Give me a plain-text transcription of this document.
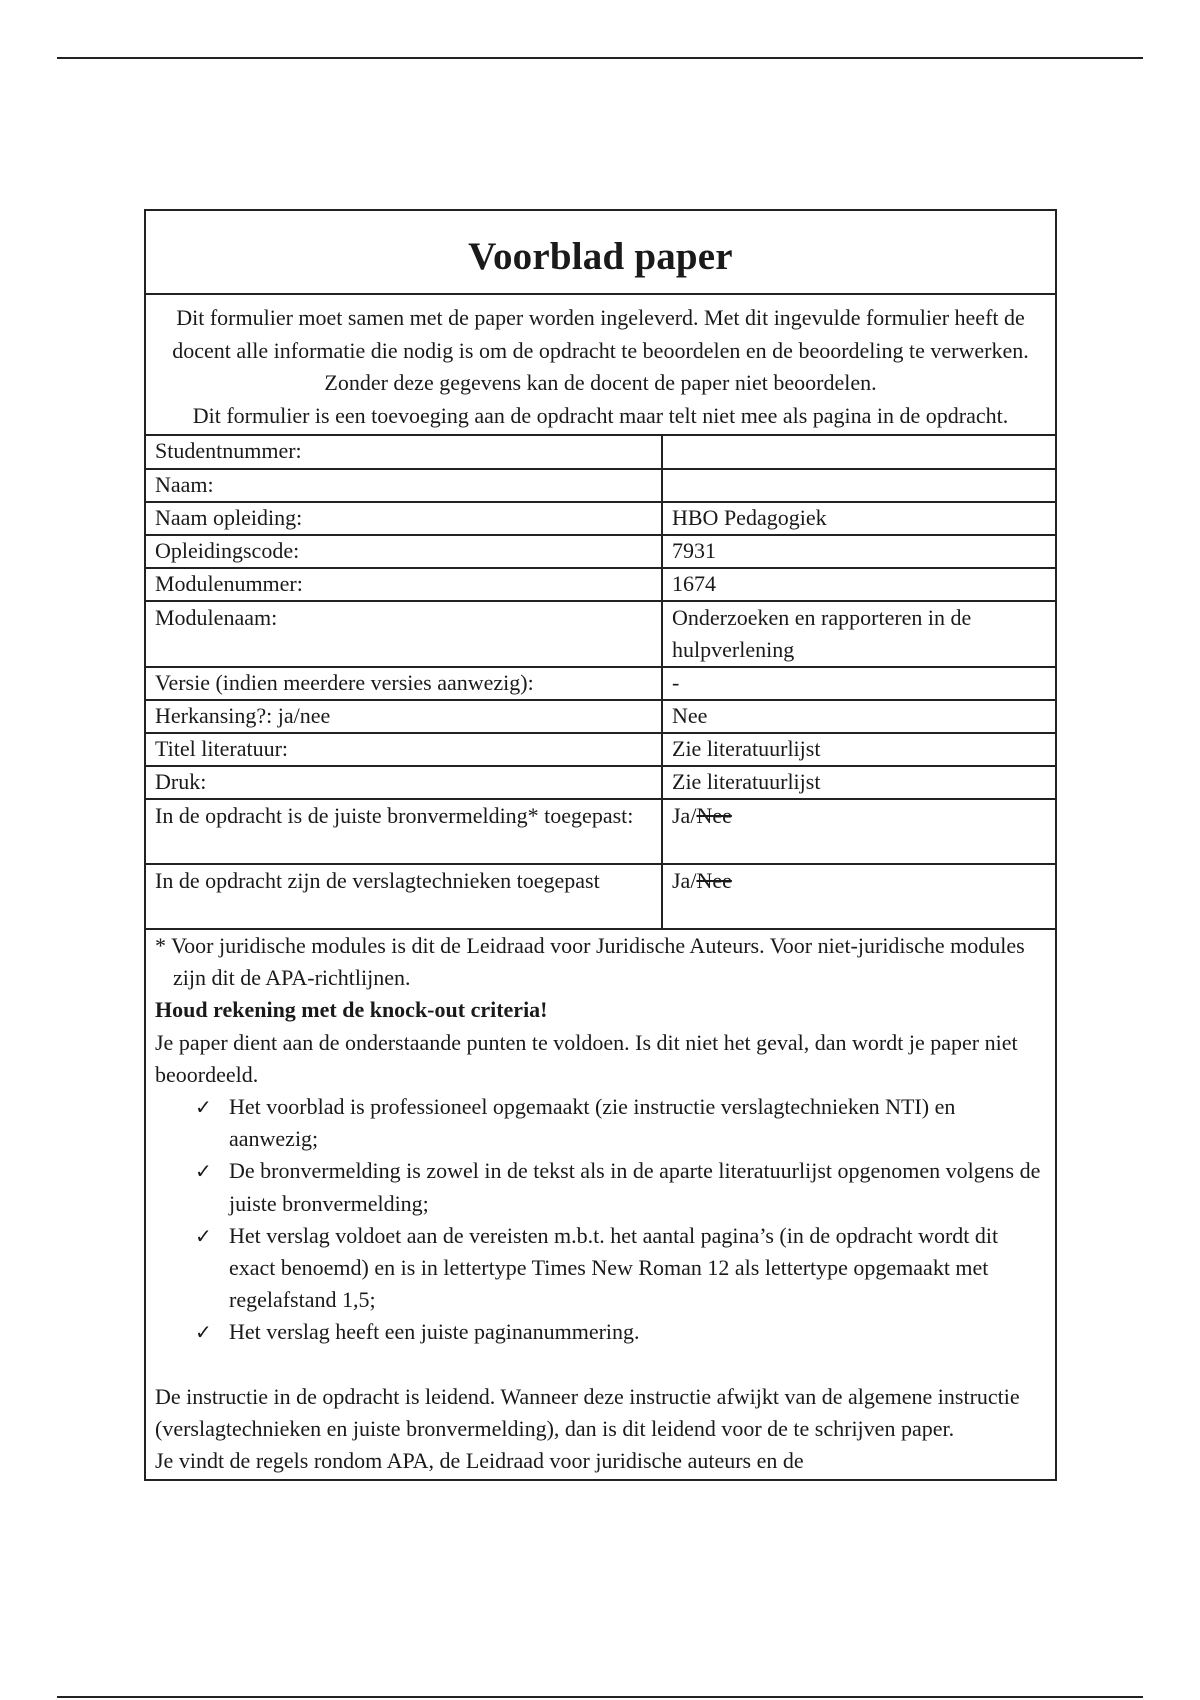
Voorblad paper

Dit formulier moet samen met de paper worden ingeleverd. Met dit ingevulde formulier heeft de docent alle informatie die nodig is om de opdracht te beoordelen en de beoordeling te verwerken. Zonder deze gegevens kan de docent de paper niet beoordelen.

Dit formulier is een toevoeging aan de opdracht maar telt niet mee als pagina in de opdracht.

Studentnummer:	
Naam:	
Naam opleiding:	HBO Pedagogiek
Opleidingscode:	7931
Modulenummer:	1674
Modulenaam:	Onderzoeken en rapporteren in de hulpverlening
Versie (indien meerdere versies aanwezig):	-
Herkansing?: ja/nee	Nee
Titel literatuur:	Zie literatuurlijst
Druk:	Zie literatuurlijst
In de opdracht is de juiste bronvermelding* toegepast:	Ja/Nee
In de opdracht zijn de verslagtechnieken toegepast	Ja/Nee

* Voor juridische modules is dit de Leidraad voor Juridische Auteurs. Voor niet-juridische modules zijn dit de APA-richtlijnen.

Houd rekening met de knock-out criteria!

Je paper dient aan de onderstaande punten te voldoen. Is dit niet het geval, dan wordt je paper niet beoordeeld.

✓ Het voorblad is professioneel opgemaakt (zie instructie verslagtechnieken NTI) en aanwezig;
✓ De bronvermelding is zowel in de tekst als in de aparte literatuurlijst opgenomen volgens de juiste bronvermelding;
✓ Het verslag voldoet aan de vereisten m.b.t. het aantal pagina’s (in de opdracht wordt dit exact benoemd) en is in lettertype Times New Roman 12 als lettertype opgemaakt met regelafstand 1,5;
✓ Het verslag heeft een juiste paginanummering.

De instructie in de opdracht is leidend. Wanneer deze instructie afwijkt van de algemene instructie (verslagtechnieken en juiste bronvermelding), dan is dit leidend voor de te schrijven paper.

Je vindt de regels rondom APA, de Leidraad voor juridische auteurs en de
